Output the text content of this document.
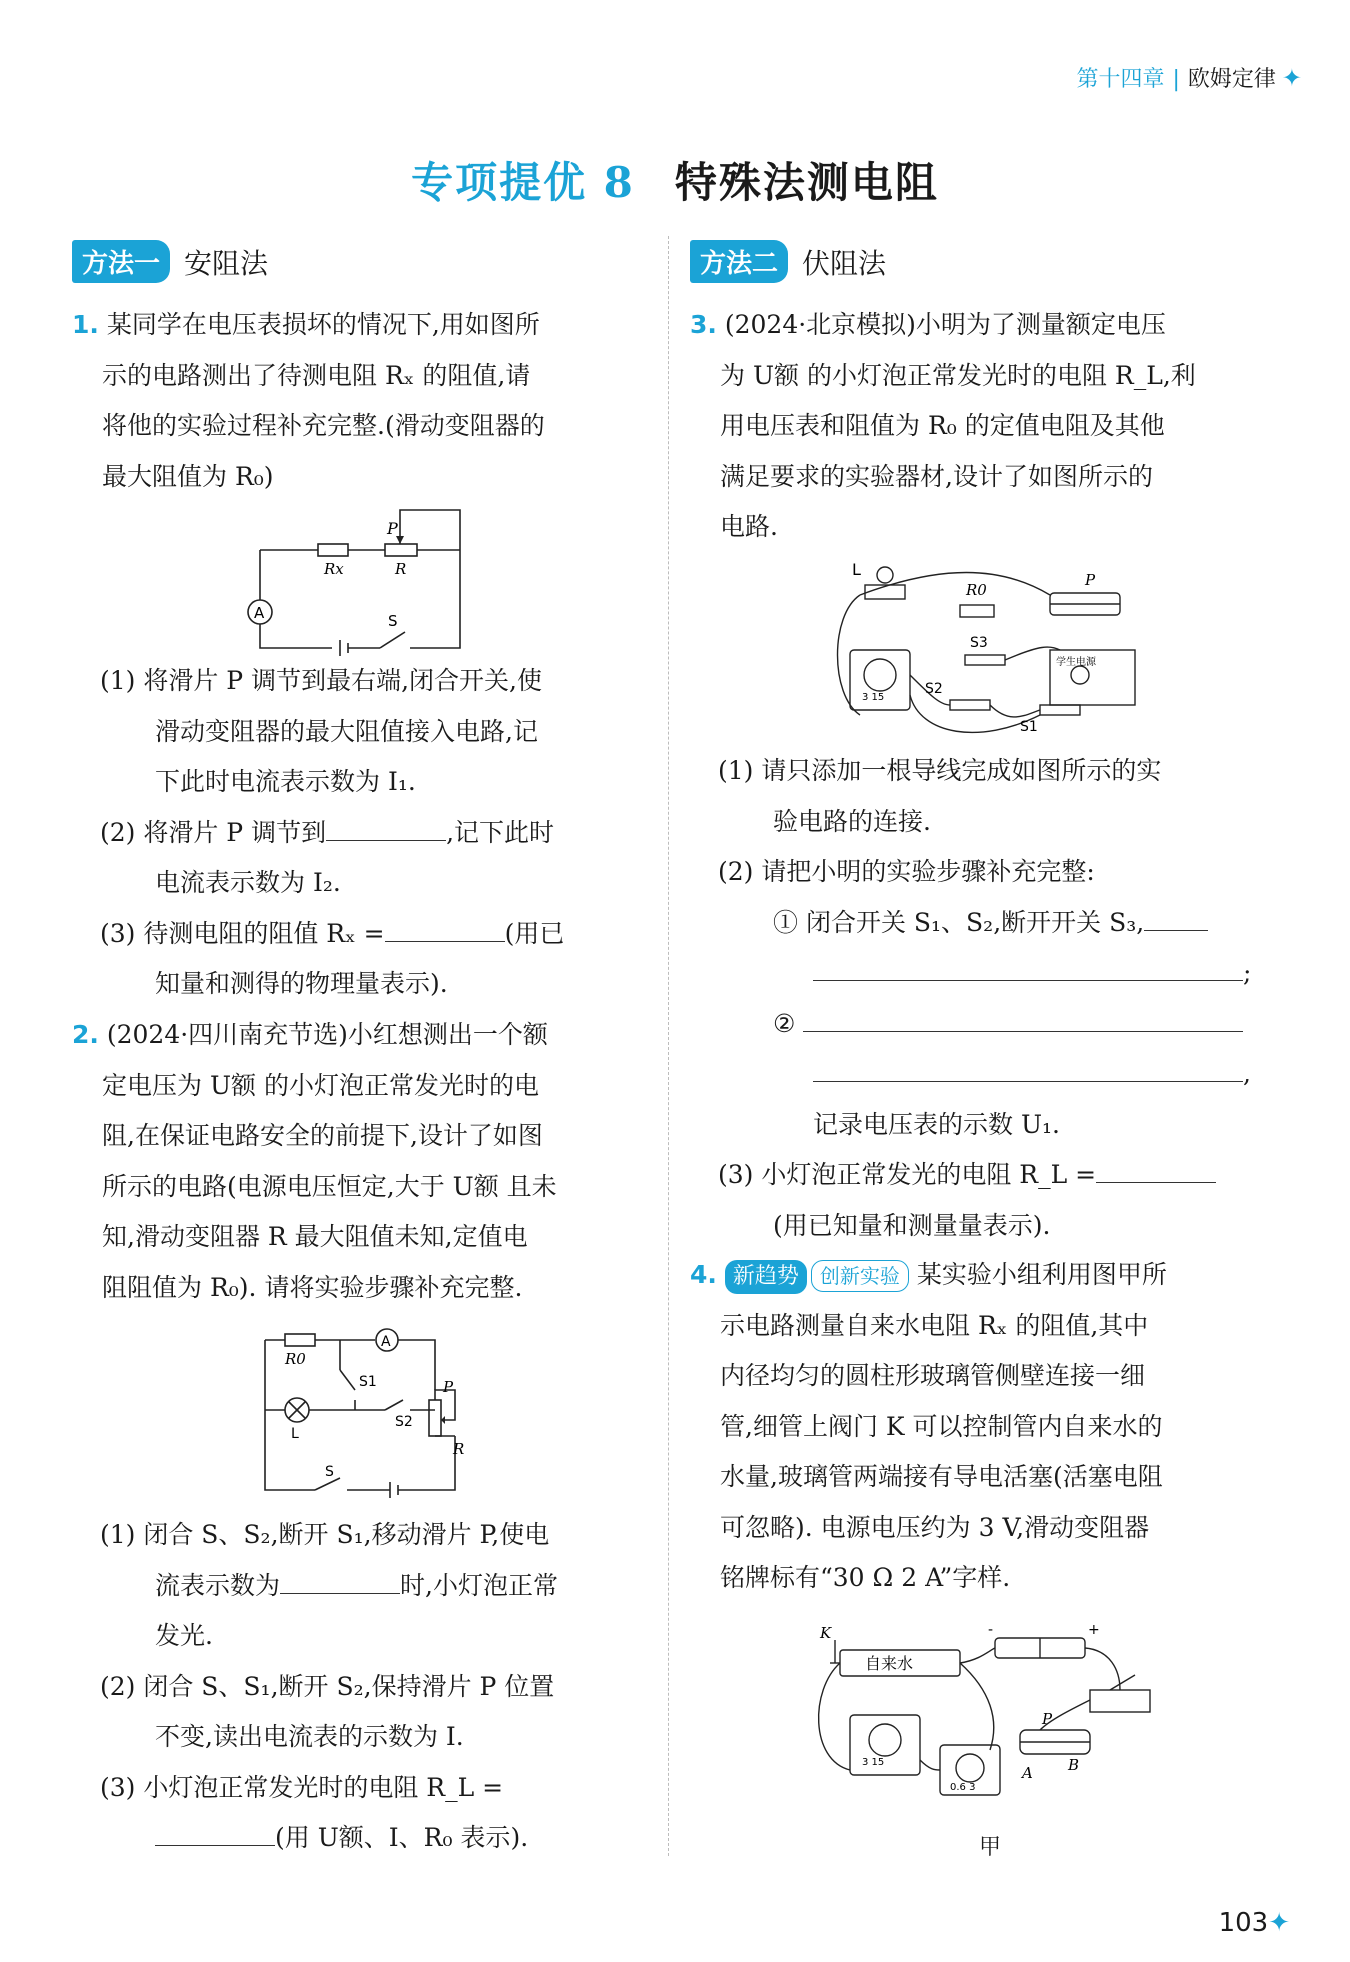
第十四章 | 欧姆定律 ✦
专项提优 8 特殊法测电阻
方法一 安阻法

1. 某同学在电压表损坏的情况下,用如图所

示的电路测出了待测电阻 Rₓ 的阻值,请

将他的实验过程补充完整.(滑动变阻器的

最大阻值为 R₀)

P
Rx	R
A	S

(1) 将滑片 P 调节到最右端,闭合开关,使

滑动变阻器的最大阻值接入电路,记

下此时电流表示数为 I₁.

(2) 将滑片 P 调节到	,记下此时

电流表示数为 I₂.

(3) 待测电阻的阻值 Rₓ =	(用已

知量和测得的物理量表示).

2. (2024·四川南充节选)小红想测出一个额

定电压为 U额 的小灯泡正常发光时的电

阻,在保证电路安全的前提下,设计了如图

所示的电路(电源电压恒定,大于 U额 且未

知,滑动变阻器 R 最大阻值未知,定值电

阻阻值为 R₀). 请将实验步骤补充完整.

R0
A
S1
S2
L
P
R
S

(1) 闭合 S、S₂,断开 S₁,移动滑片 P,使电

流表示数为	时,小灯泡正常

发光.

(2) 闭合 S、S₁,断开 S₂,保持滑片 P 位置

不变,读出电流表的示数为 I.

(3) 小灯泡正常发光时的电阻 R_L =

(用 U额、I、R₀ 表示).

方法二 伏阻法

3. (2024·北京模拟)小明为了测量额定电压

为 U额 的小灯泡正常发光时的电阻 R_L,利

用电压表和阻值为 R₀ 的定值电阻及其他

满足要求的实验器材,设计了如图所示的

电路.

L
R0
P
S3
S2
S1
学生电源
3 15

(1) 请只添加一根导线完成如图所示的实

验电路的连接.

(2) 请把小明的实验步骤补充完整:

① 闭合开关 S₁、S₂,断开开关 S₃,

;

②

,

记录电压表的示数 U₁.

(3) 小灯泡正常发光的电阻 R_L =

(用已知量和测量量表示).

4. 新趋势 创新实验 某实验小组利用图甲所

示电路测量自来水电阻 Rₓ 的阻值,其中

内径均匀的圆柱形玻璃管侧壁连接一细

管,细管上阀门 K 可以控制管内自来水的

水量,玻璃管两端接有导电活塞(活塞电阻

可忽略). 电源电压约为 3 V,滑动变阻器

铭牌标有“30 Ω 2 A”字样.

K
自来水
P
A B
3 15
0.6 3
-	+
甲
103✦
